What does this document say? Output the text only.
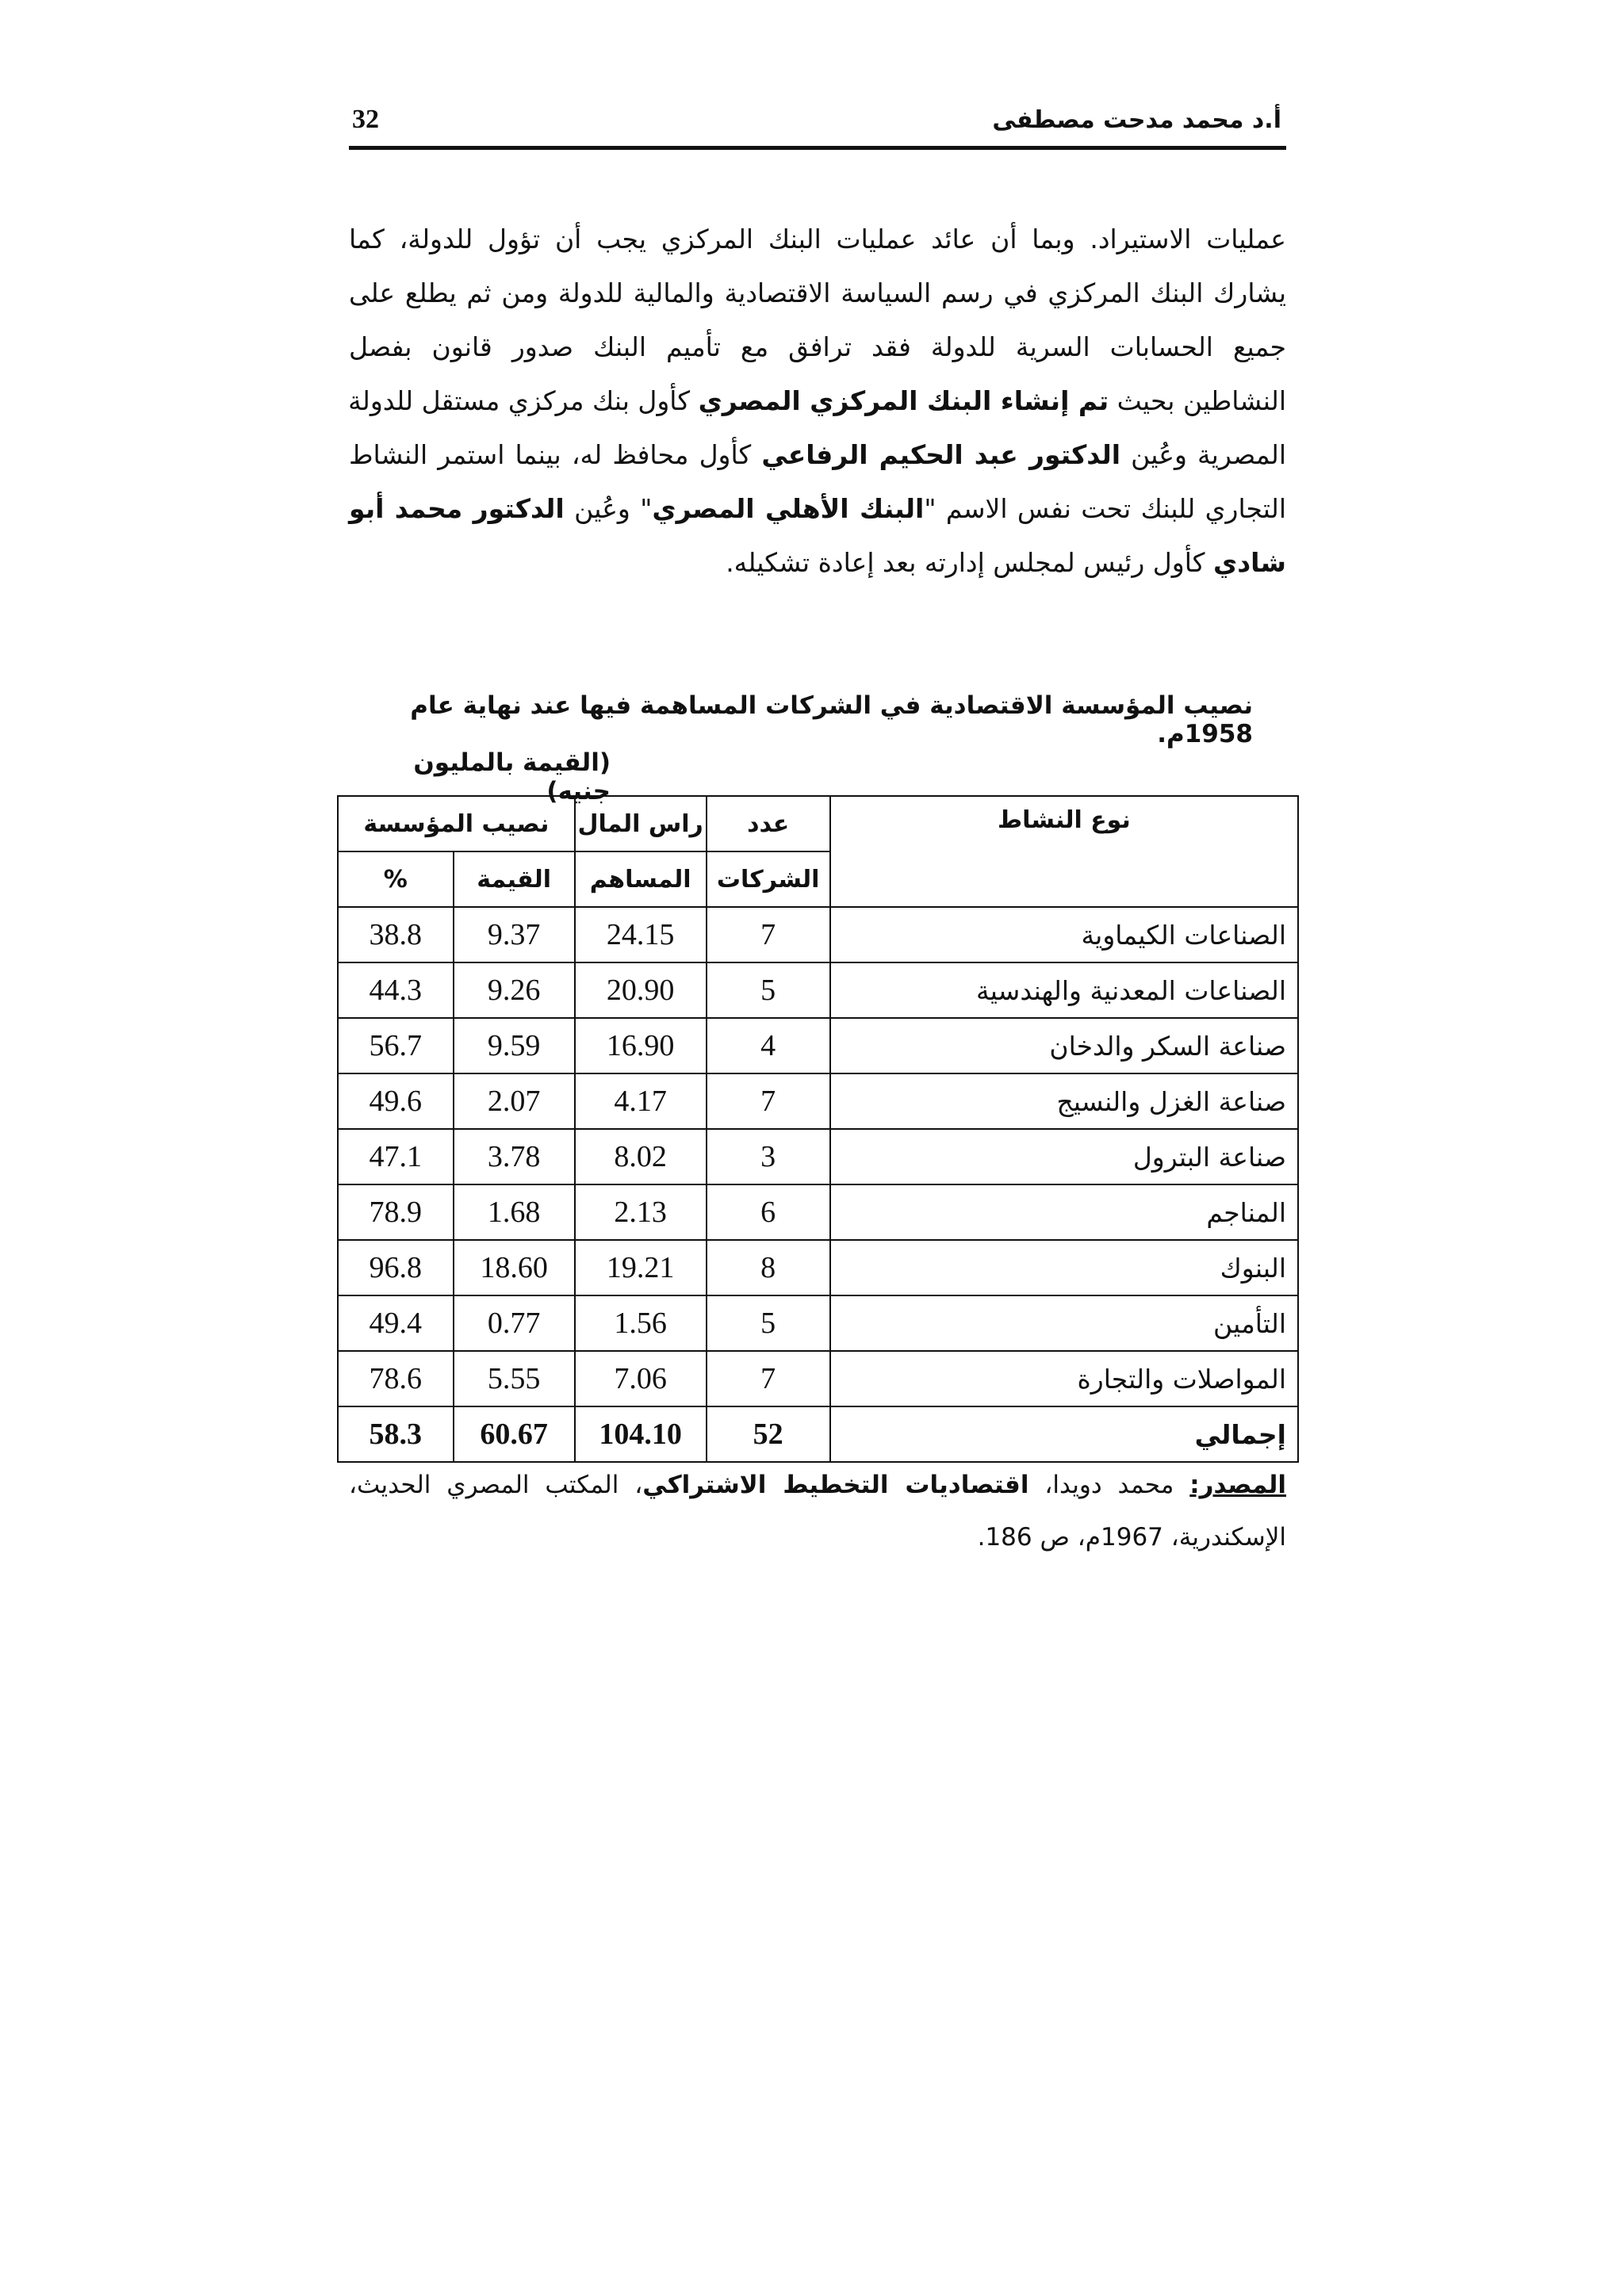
32	أ.د محمد مدحت مصطفى
عمليات الاستيراد. وبما أن عائد عمليات البنك المركزي يجب أن تؤول للدولة، كما
يشارك البنك المركزي في رسم السياسة الاقتصادية والمالية للدولة ومن ثم يطلع على
جميع الحسابات السرية للدولة فقد ترافق مع تأميم البنك صدور قانون بفصل
النشاطين بحيث تم إنشاء البنك المركزي المصري كأول بنك مركزي مستقل للدولة
المصرية وعُين الدكتور عبد الحكيم الرفاعي كأول محافظ له، بينما استمر النشاط
التجاري للبنك تحت نفس الاسم "البنك الأهلي المصري" وعُين الدكتور محمد أبو
شادي كأول رئيس لمجلس إدارته بعد إعادة تشكيله.
نصيب المؤسسة الاقتصادية في الشركات المساهمة فيها عند نهاية عام 1958م.
(القيمة بالمليون جنيه)
نوع النشاط	عدد	راس المال	نصيب المؤسسة	
	الشركات	المساهم	القيمة	%
الصناعات الكيماوية	7	24.15	9.37	38.8
الصناعات المعدنية والهندسية	5	20.90	9.26	44.3
صناعة السكر والدخان	4	16.90	9.59	56.7
صناعة الغزل والنسيج	7	4.17	2.07	49.6
صناعة البترول	3	8.02	3.78	47.1
المناجم	6	2.13	1.68	78.9
البنوك	8	19.21	18.60	96.8
التأمين	5	1.56	0.77	49.4
المواصلات والتجارة	7	7.06	5.55	78.6
إجمالي	52	104.10	60.67	58.3
المصدر: محمد دويدا، اقتصاديات التخطيط الاشتراكي، المكتب المصري الحديث،
الإسكندرية، 1967م، ص 186.
